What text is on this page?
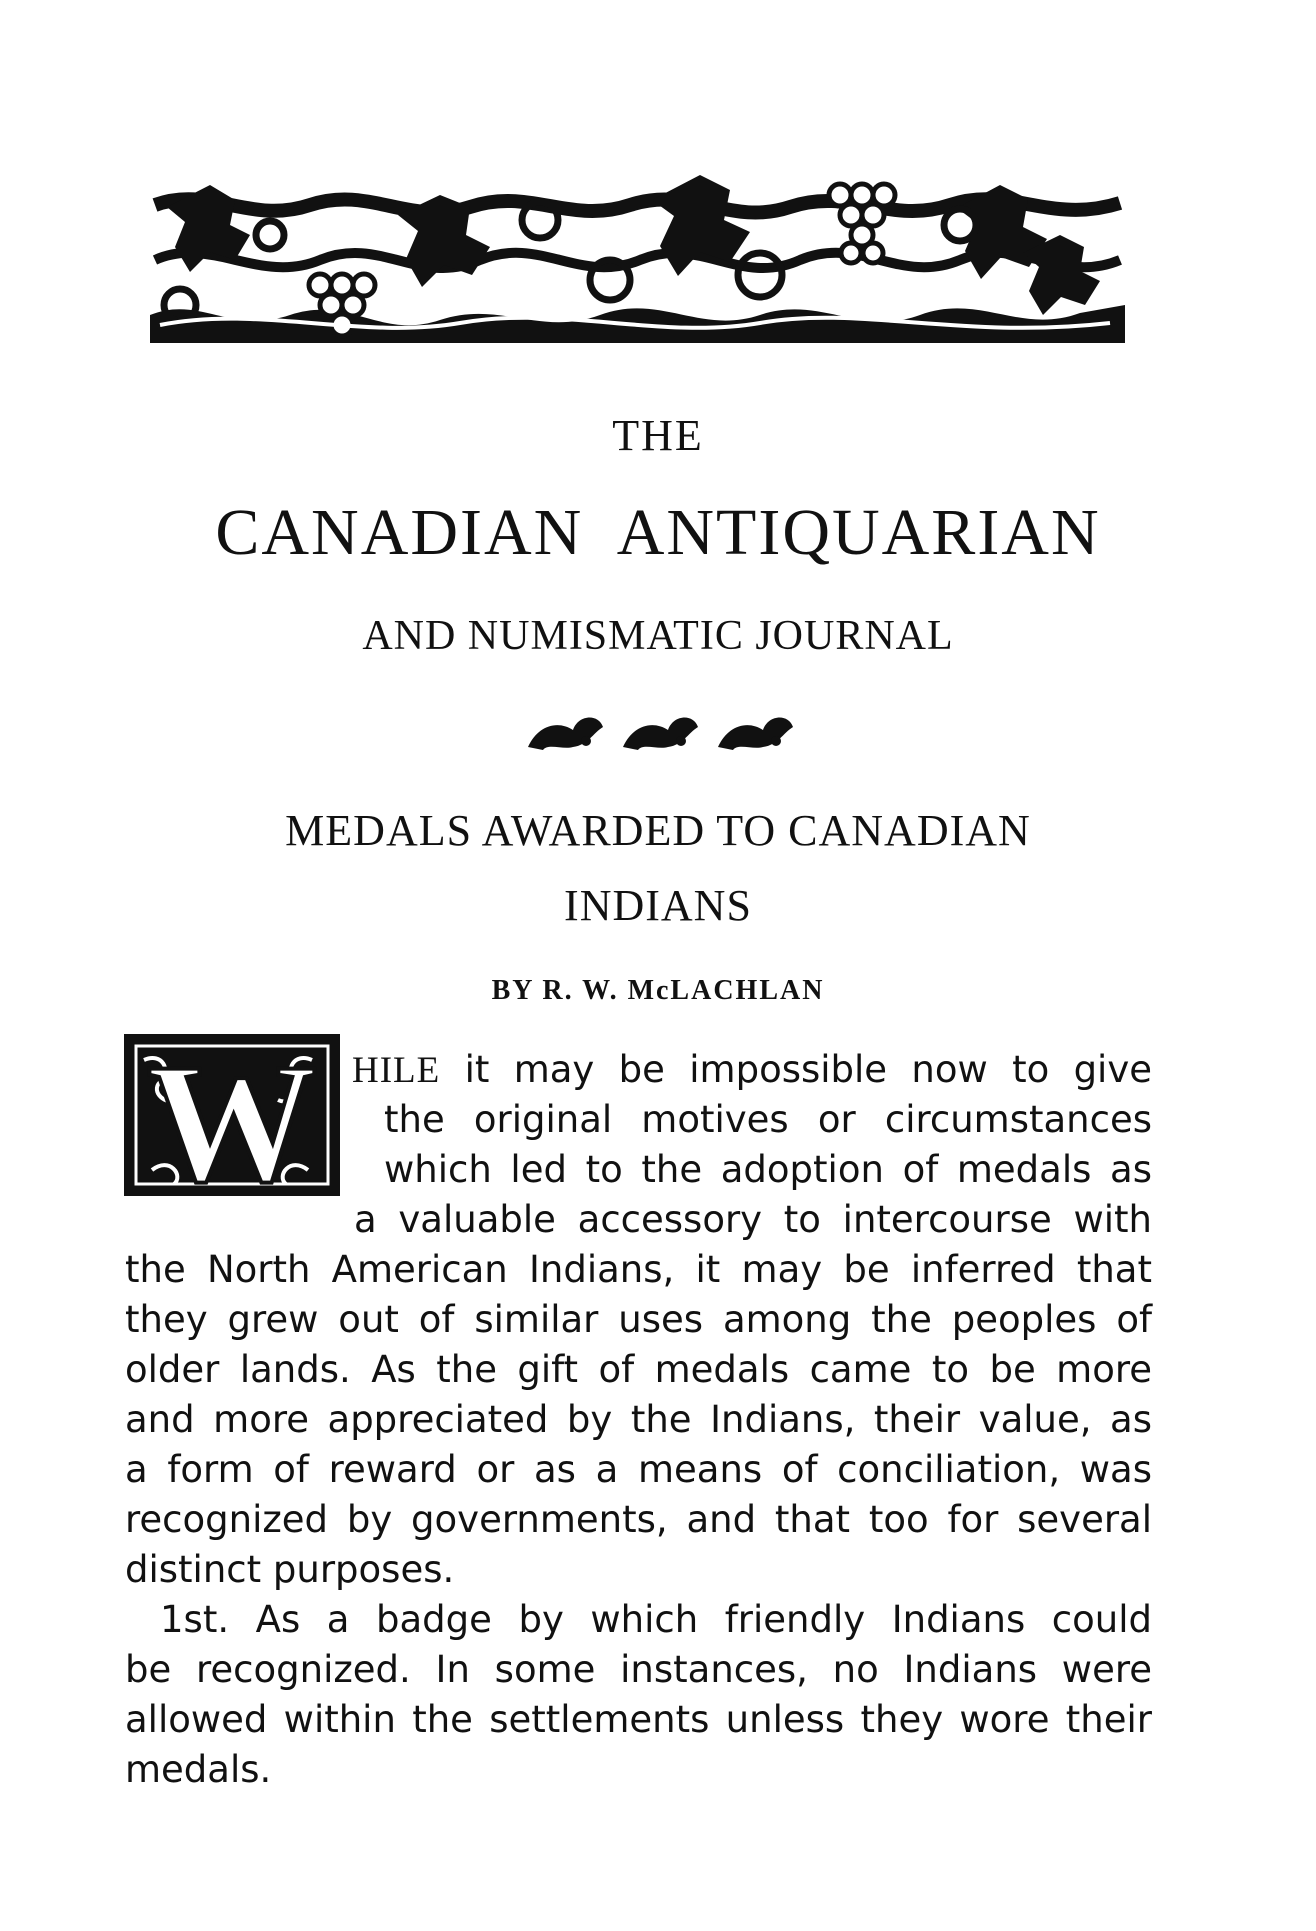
THE
CANADIAN  ANTIQUARIAN
AND NUMISMATIC JOURNAL
MEDALS AWARDED TO CANADIAN
INDIANS
BY R. W. McLACHLAN
W HILE it may be impossible now to give
the original motives or circumstances
which led to the adoption of medals as
a valuable accessory to intercourse with
the North American Indians, it may be inferred that
they grew out of similar uses among the peoples of
older lands. As the gift of medals came to be more
and more appreciated by the Indians, their value, as
a form of reward or as a means of conciliation, was
recognized by governments, and that too for several
distinct purposes.
1st. As a badge by which friendly Indians could
be recognized. In some instances, no Indians were
allowed within the settlements unless they wore their
medals.
